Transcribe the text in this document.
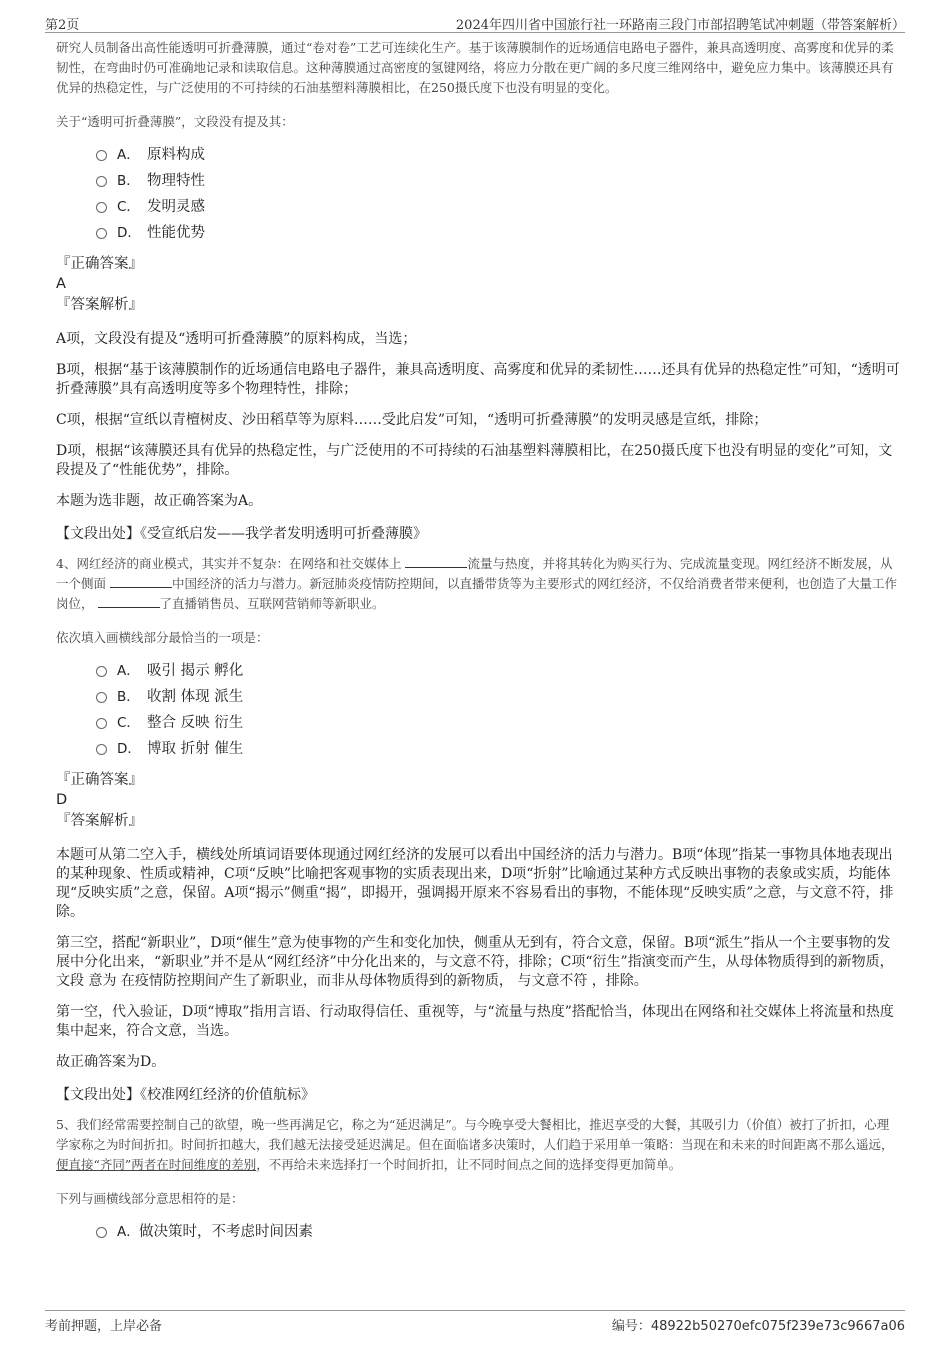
第2页	2024年四川省中国旅行社一环路南三段门市部招聘笔试冲刺题（带答案解析）

研究人员制备出高性能透明可折叠薄膜，通过“卷对卷”工艺可连续化生产。基于该薄膜制作的近场通信电路电子器件，兼具高透明度、高雾度和优异的柔韧性，在弯曲时仍可准确地记录和读取信息。这种薄膜通过高密度的氢键网络，将应力分散在更广阔的多尺度三维网络中，避免应力集中。该薄膜还具有优异的热稳定性，与广泛使用的不可持续的石油基塑料薄膜相比，在250摄氏度下也没有明显的变化。

关于“透明可折叠薄膜”，文段没有提及其：

A． 原料构成
B． 物理特性
C． 发明灵感
D． 性能优势
『正确答案』
A
『答案解析』

A项，文段没有提及“透明可折叠薄膜”的原料构成，当选；

B项，根据“基于该薄膜制作的近场通信电路电子器件，兼具高透明度、高雾度和优异的柔韧性……还具有优异的热稳定性”可知，“透明可折叠薄膜”具有高透明度等多个物理特性，排除；

C项，根据“宣纸以青檀树皮、沙田稻草等为原料……受此启发”可知，“透明可折叠薄膜”的发明灵感是宣纸，排除；

D项，根据“该薄膜还具有优异的热稳定性，与广泛使用的不可持续的石油基塑料薄膜相比，在250摄氏度下也没有明显的变化”可知，文段提及了“性能优势”，排除。

本题为选非题，故正确答案为A。

【文段出处】《受宣纸启发——我学者发明透明可折叠薄膜》

4、网红经济的商业模式，其实并不复杂：在网络和社交媒体上	流量与热度，并将其转化为购买行为、完成流量变现。网红经济不断发展，从一个侧面	中国经济的活力与潜力。新冠肺炎疫情防控期间，以直播带货等为主要形式的网红经济，不仅给消费者带来便利，也创造了大量工作岗位，	了直播销售员、互联网营销师等新职业。

依次填入画横线部分最恰当的一项是：

A． 吸引 揭示 孵化
B． 收割 体现 派生
C． 整合 反映 衍生
D． 博取 折射 催生
『正确答案』
D
『答案解析』

本题可从第二空入手，横线处所填词语要体现通过网红经济的发展可以看出中国经济的活力与潜力。B项“体现”指某一事物具体地表现出的某种现象、性质或精神，C项“反映”比喻把客观事物的实质表现出来，D项“折射”比喻通过某种方式反映出事物的表象或实质，均能体现“反映实质”之意，保留。A项“揭示”侧重“揭”，即揭开，强调揭开原来不容易看出的事物，不能体现“反映实质”之意，与文意不符，排除。

第三空，搭配“新职业”，D项“催生”意为使事物的产生和变化加快，侧重从无到有，符合文意，保留。B项“派生”指从一个主要事物的发展中分化出来，“新职业”并不是从“网红经济”中分化出来的，与文意不符，排除；C项“衍生”指演变而产生，从母体物质得到的新物质，文段 意为 在疫情防控期间产生了新职业，而非从母体物质得到的新物质， 与文意不符 ，排除。

第一空，代入验证，D项“博取”指用言语、行动取得信任、重视等，与“流量与热度”搭配恰当，体现出在网络和社交媒体上将流量和热度集中起来，符合文意，当选。

故正确答案为D。

【文段出处】《校准网红经济的价值航标》

5、我们经常需要控制自己的欲望，晚一些再满足它，称之为“延迟满足”。与今晚享受大餐相比，推迟享受的大餐，其吸引力（价值）被打了折扣，心理学家称之为时间折扣。时间折扣越大，我们越无法接受延迟满足。但在面临诸多决策时，人们趋于采用单一策略：当现在和未来的时间距离不那么遥远，便直接“齐同”两者在时间维度的差别，不再给未来选择打一个时间折扣，让不同时间点之间的选择变得更加简单。

下列与画横线部分意思相符的是：

A． 做决策时，不考虑时间因素
考前押题，上岸必备	编号：48922b50270efc075f239e73c9667a06
